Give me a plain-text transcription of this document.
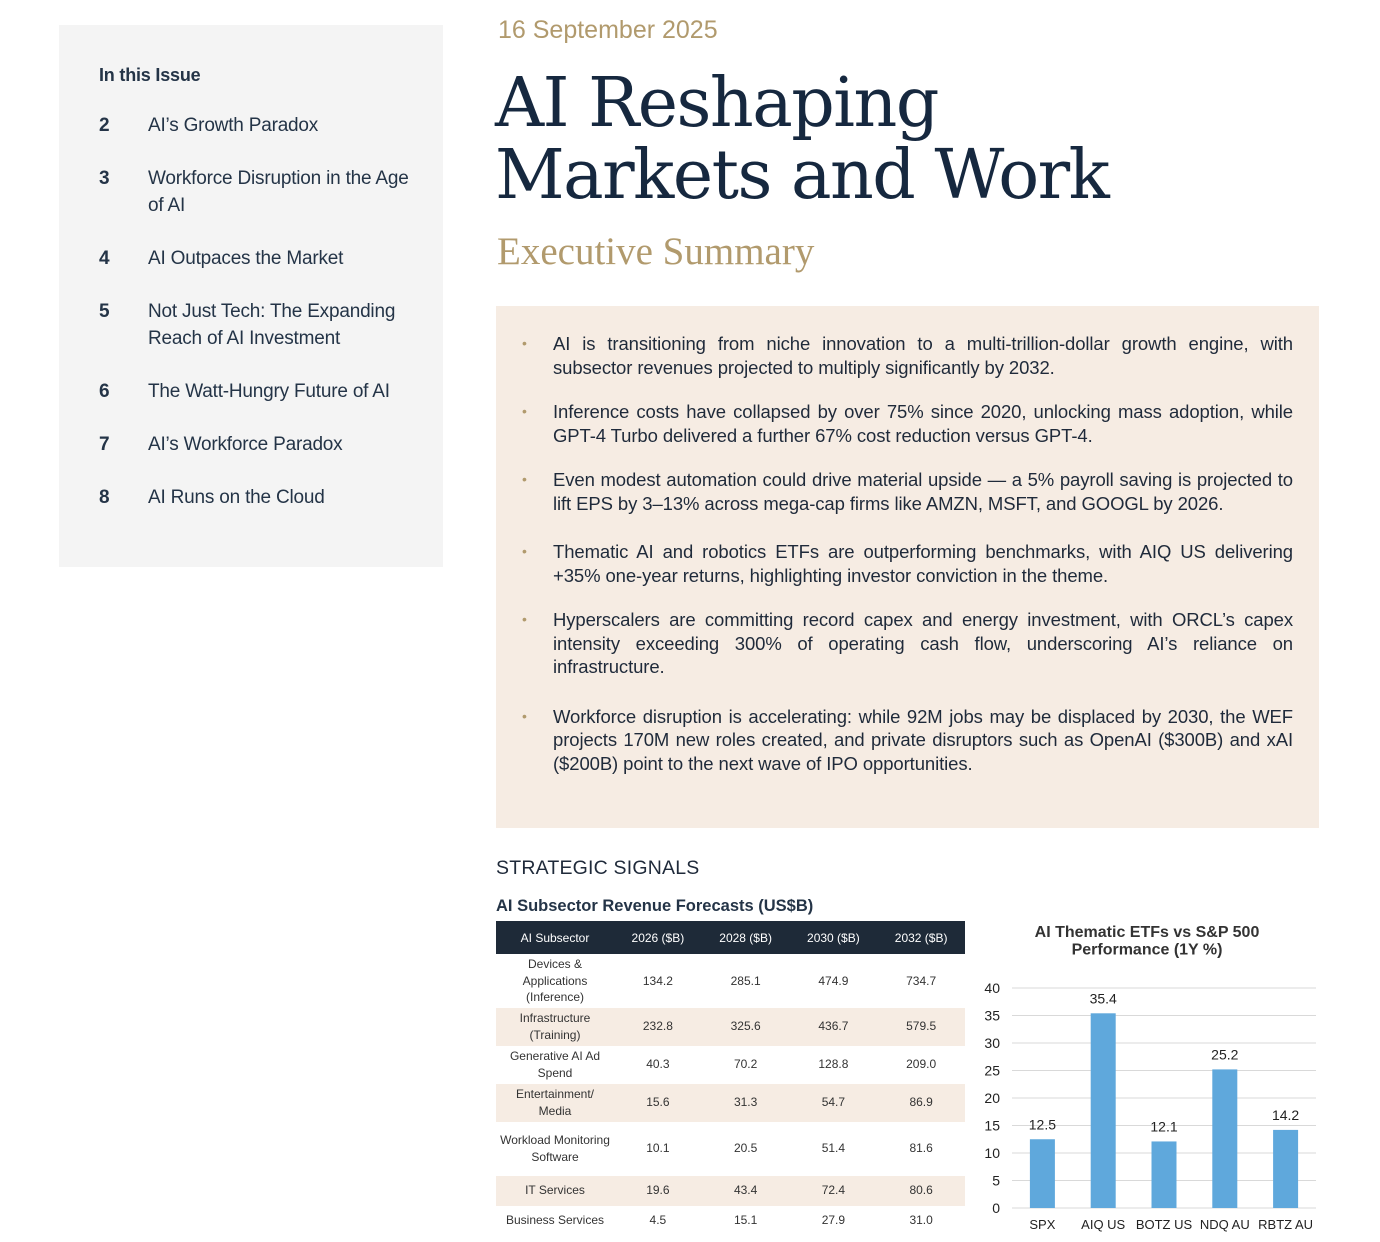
In this Issue
2	AI’s Growth Paradox
3	Workforce Disruption in the Age of AI
4	AI Outpaces the Market
5	Not Just Tech: The Expanding Reach of AI Investment
6	The Watt-Hungry Future of AI
7	AI’s Workforce Paradox
8	AI Runs on the Cloud
16 September 2025
AI Reshaping
Markets and Work
Executive Summary
•	AI is transitioning from niche innovation to a multi-trillion-dollar growth engine, with subsector revenues projected to multiply significantly by 2032.
•	Inference costs have collapsed by over 75% since 2020, unlocking mass adoption, while GPT-4 Turbo delivered a further 67% cost reduction versus GPT-4.
•	Even modest automation could drive material upside — a 5% payroll saving is projected to lift EPS by 3–13% across mega-cap firms like AMZN, MSFT, and GOOGL by 2026.
•	Thematic AI and robotics ETFs are outperforming benchmarks, with AIQ US delivering +35% one-year returns, highlighting investor conviction in the theme.
•	Hyperscalers are committing record capex and energy investment, with ORCL’s capex intensity exceeding 300% of operating cash flow, underscoring AI’s reliance on infrastructure.
•	Workforce disruption is accelerating: while 92M jobs may be displaced by 2030, the WEF projects 170M new roles created, and private disruptors such as OpenAI ($300B) and xAI ($200B) point to the next wave of IPO opportunities.
STRATEGIC SIGNALS
AI Subsector Revenue Forecasts (US$B)
AI Subsector	2026 ($B)	2028 ($B)	2030 ($B)	2032 ($B)
Devices & Applications (Inference)	134.2	285.1	474.9	734.7
Infrastructure (Training)	232.8	325.6	436.7	579.5
Generative AI Ad Spend	40.3	70.2	128.8	209.0
Entertainment/ Media	15.6	31.3	54.7	86.9
Workload Monitoring Software	10.1	20.5	51.4	81.6
IT Services	19.6	43.4	72.4	80.6
Business Services	4.5	15.1	27.9	31.0
AI Thematic ETFs vs S&P 500
Performance (1Y %)
0
5
10
15
20
25
30
35
40
12.5
SPX
35.4
AIQ US
12.1
BOTZ US
25.2
NDQ AU
14.2
RBTZ AU
